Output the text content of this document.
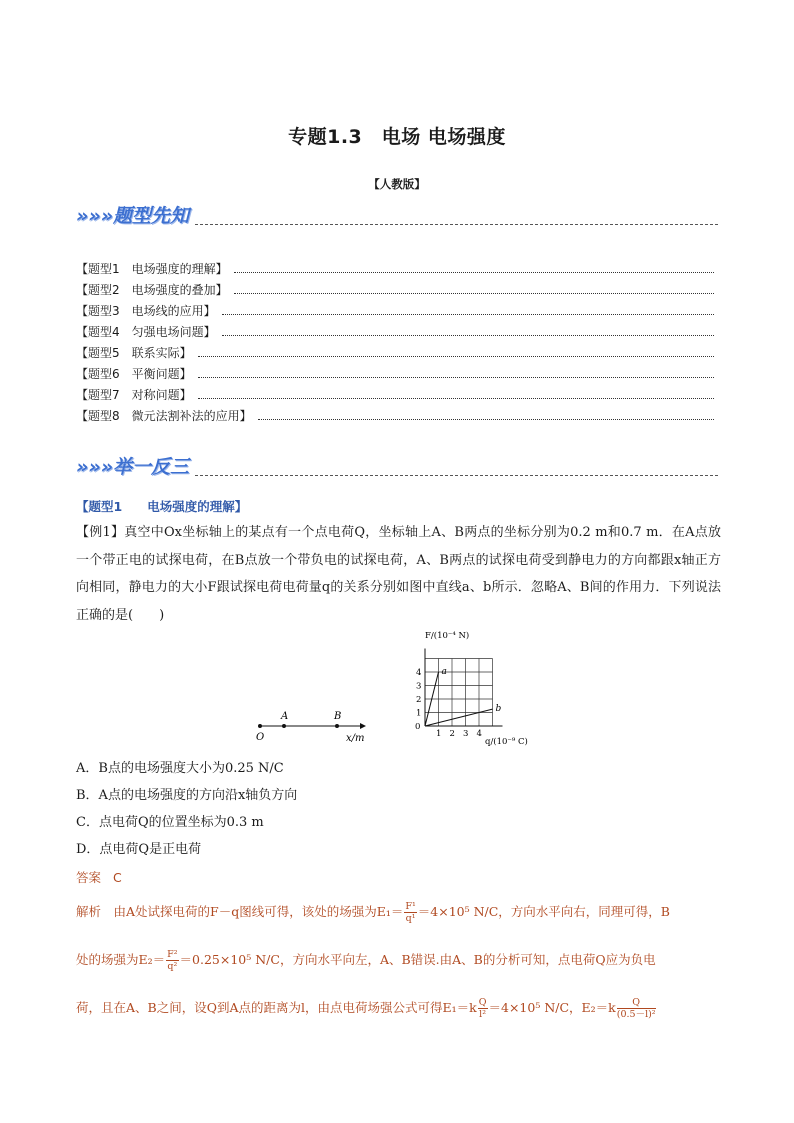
专题1.3　电场 电场强度
【人教版】
»»»题型先知
【题型1　电场强度的理解】
【题型2　电场强度的叠加】
【题型3　电场线的应用】
【题型4　匀强电场问题】
【题型5　联系实际】
【题型6　平衡问题】
【题型7　对称问题】
【题型8　微元法割补法的应用】
»»»举一反三
【题型1　　电场强度的理解】
【例1】真空中Ox坐标轴上的某点有一个点电荷Q，坐标轴上A、B两点的坐标分别为0.2 m和0.7 m．在A点放一个带正电的试探电荷，在B点放一个带负电的试探电荷，A、B两点的试探电荷受到静电力的方向都跟x轴正方向相同，静电力的大小F跟试探电荷电荷量q的关系分别如图中直线a、b所示．忽略A、B间的作用力．下列说法正确的是(　　)
O
A	B
x/m	1 2 3 4
1
2
3
4
0
a
b
F/(10⁻⁴ N)
q/(10⁻⁹ C)
A．B点的电场强度大小为0.25 N/C
B．A点的电场强度的方向沿x轴负方向
C．点电荷Q的位置坐标为0.3 m
D．点电荷Q是正电荷
答案 C
解析　 由A处试探电荷的F－q图线可得，该处的场强为$E_1= \frac{\text{F¹}}{\text{q¹}} =4\times 10^5$ N/C，方向水平向右，同理可得，B
处的场强为$E_2= \frac{\text{F²}}{\text{q²}} =0.25\times 10^5$ N/C，方向水平向左，A、B错误.由A、B的分析可知，点电荷Q应为负电
荷，且在A、B之间，设Q到A点的距离为l，由点电荷场强公式可得$E_1=k \frac{Q}{\text{l²}} =4\times 10^5$ N/C，$E_2=k \frac{Q}{\text{(0.5－l)²}}$
